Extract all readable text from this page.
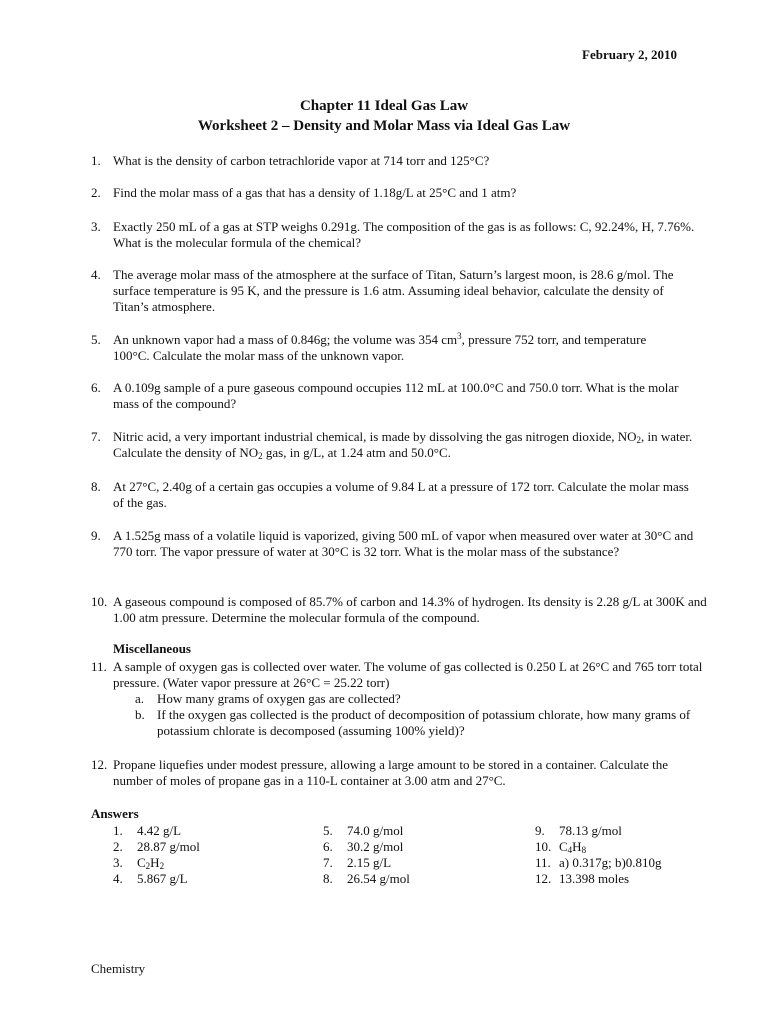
February 2, 2010
Chapter 11 Ideal Gas Law
Worksheet 2 – Density and Molar Mass via Ideal Gas Law

1. What is the density of carbon tetrachloride vapor at 714 torr and 125°C?

2. Find the molar mass of a gas that has a density of 1.18g/L at 25°C and 1 atm?

3. Exactly 250 mL of a gas at STP weighs 0.291g. The composition of the gas is as follows: C, 92.24%, H, 7.76%. What is the molecular formula of the chemical?

4. The average molar mass of the atmosphere at the surface of Titan, Saturn’s largest moon, is 28.6 g/mol. The surface temperature is 95 K, and the pressure is 1.6 atm. Assuming ideal behavior, calculate the density of Titan’s atmosphere.

5. An unknown vapor had a mass of 0.846g; the volume was 354 $cm^3$, pressure 752 torr, and temperature 100°C. Calculate the molar mass of the unknown vapor.

6. A 0.109g sample of a pure gaseous compound occupies 112 mL at 100.0°C and 750.0 torr. What is the molar mass of the compound?

7. Nitric acid, a very important industrial chemical, is made by dissolving the gas nitrogen dioxide, $NO_2$, in water. Calculate the density of $NO_2$ gas, in g/L, at 1.24 atm and 50.0°C.

8. At 27°C, 2.40g of a certain gas occupies a volume of 9.84 L at a pressure of 172 torr. Calculate the molar mass of the gas.

9. A 1.525g mass of a volatile liquid is vaporized, giving 500 mL of vapor when measured over water at 30°C and 770 torr. The vapor pressure of water at 30°C is 32 torr. What is the molar mass of the substance?

10. A gaseous compound is composed of 85.7% of carbon and 14.3% of hydrogen. Its density is 2.28 g/L at 300K and 1.00 atm pressure. Determine the molecular formula of the compound.

11. A sample of oxygen gas is collected over water. The volume of gas collected is 0.250 L at 26°C and 765 torr total pressure. (Water vapor pressure at 26°C = 25.22 torr)
a. How many grams of oxygen gas are collected?
b. If the oxygen gas collected is the product of decomposition of potassium chlorate, how many grams of potassium chlorate is decomposed (assuming 100% yield)?

12. Propane liquefies under modest pressure, allowing a large amount to be stored in a container. Calculate the number of moles of propane gas in a 110-L container at 3.00 atm and 27°C.

Miscellaneous
Answers
1. 4.42 g/L
2. 28.87 g/mol
3. $C_2H_2$
4. 5.867 g/L
5. 74.0 g/mol
6. 30.2 g/mol
7. 2.15 g/L
8. 26.54 g/mol
9. 78.13 g/mol
10. $C_4H_8$
11. a) 0.317g; b)0.810g
12. 13.398 moles
Chemistry
